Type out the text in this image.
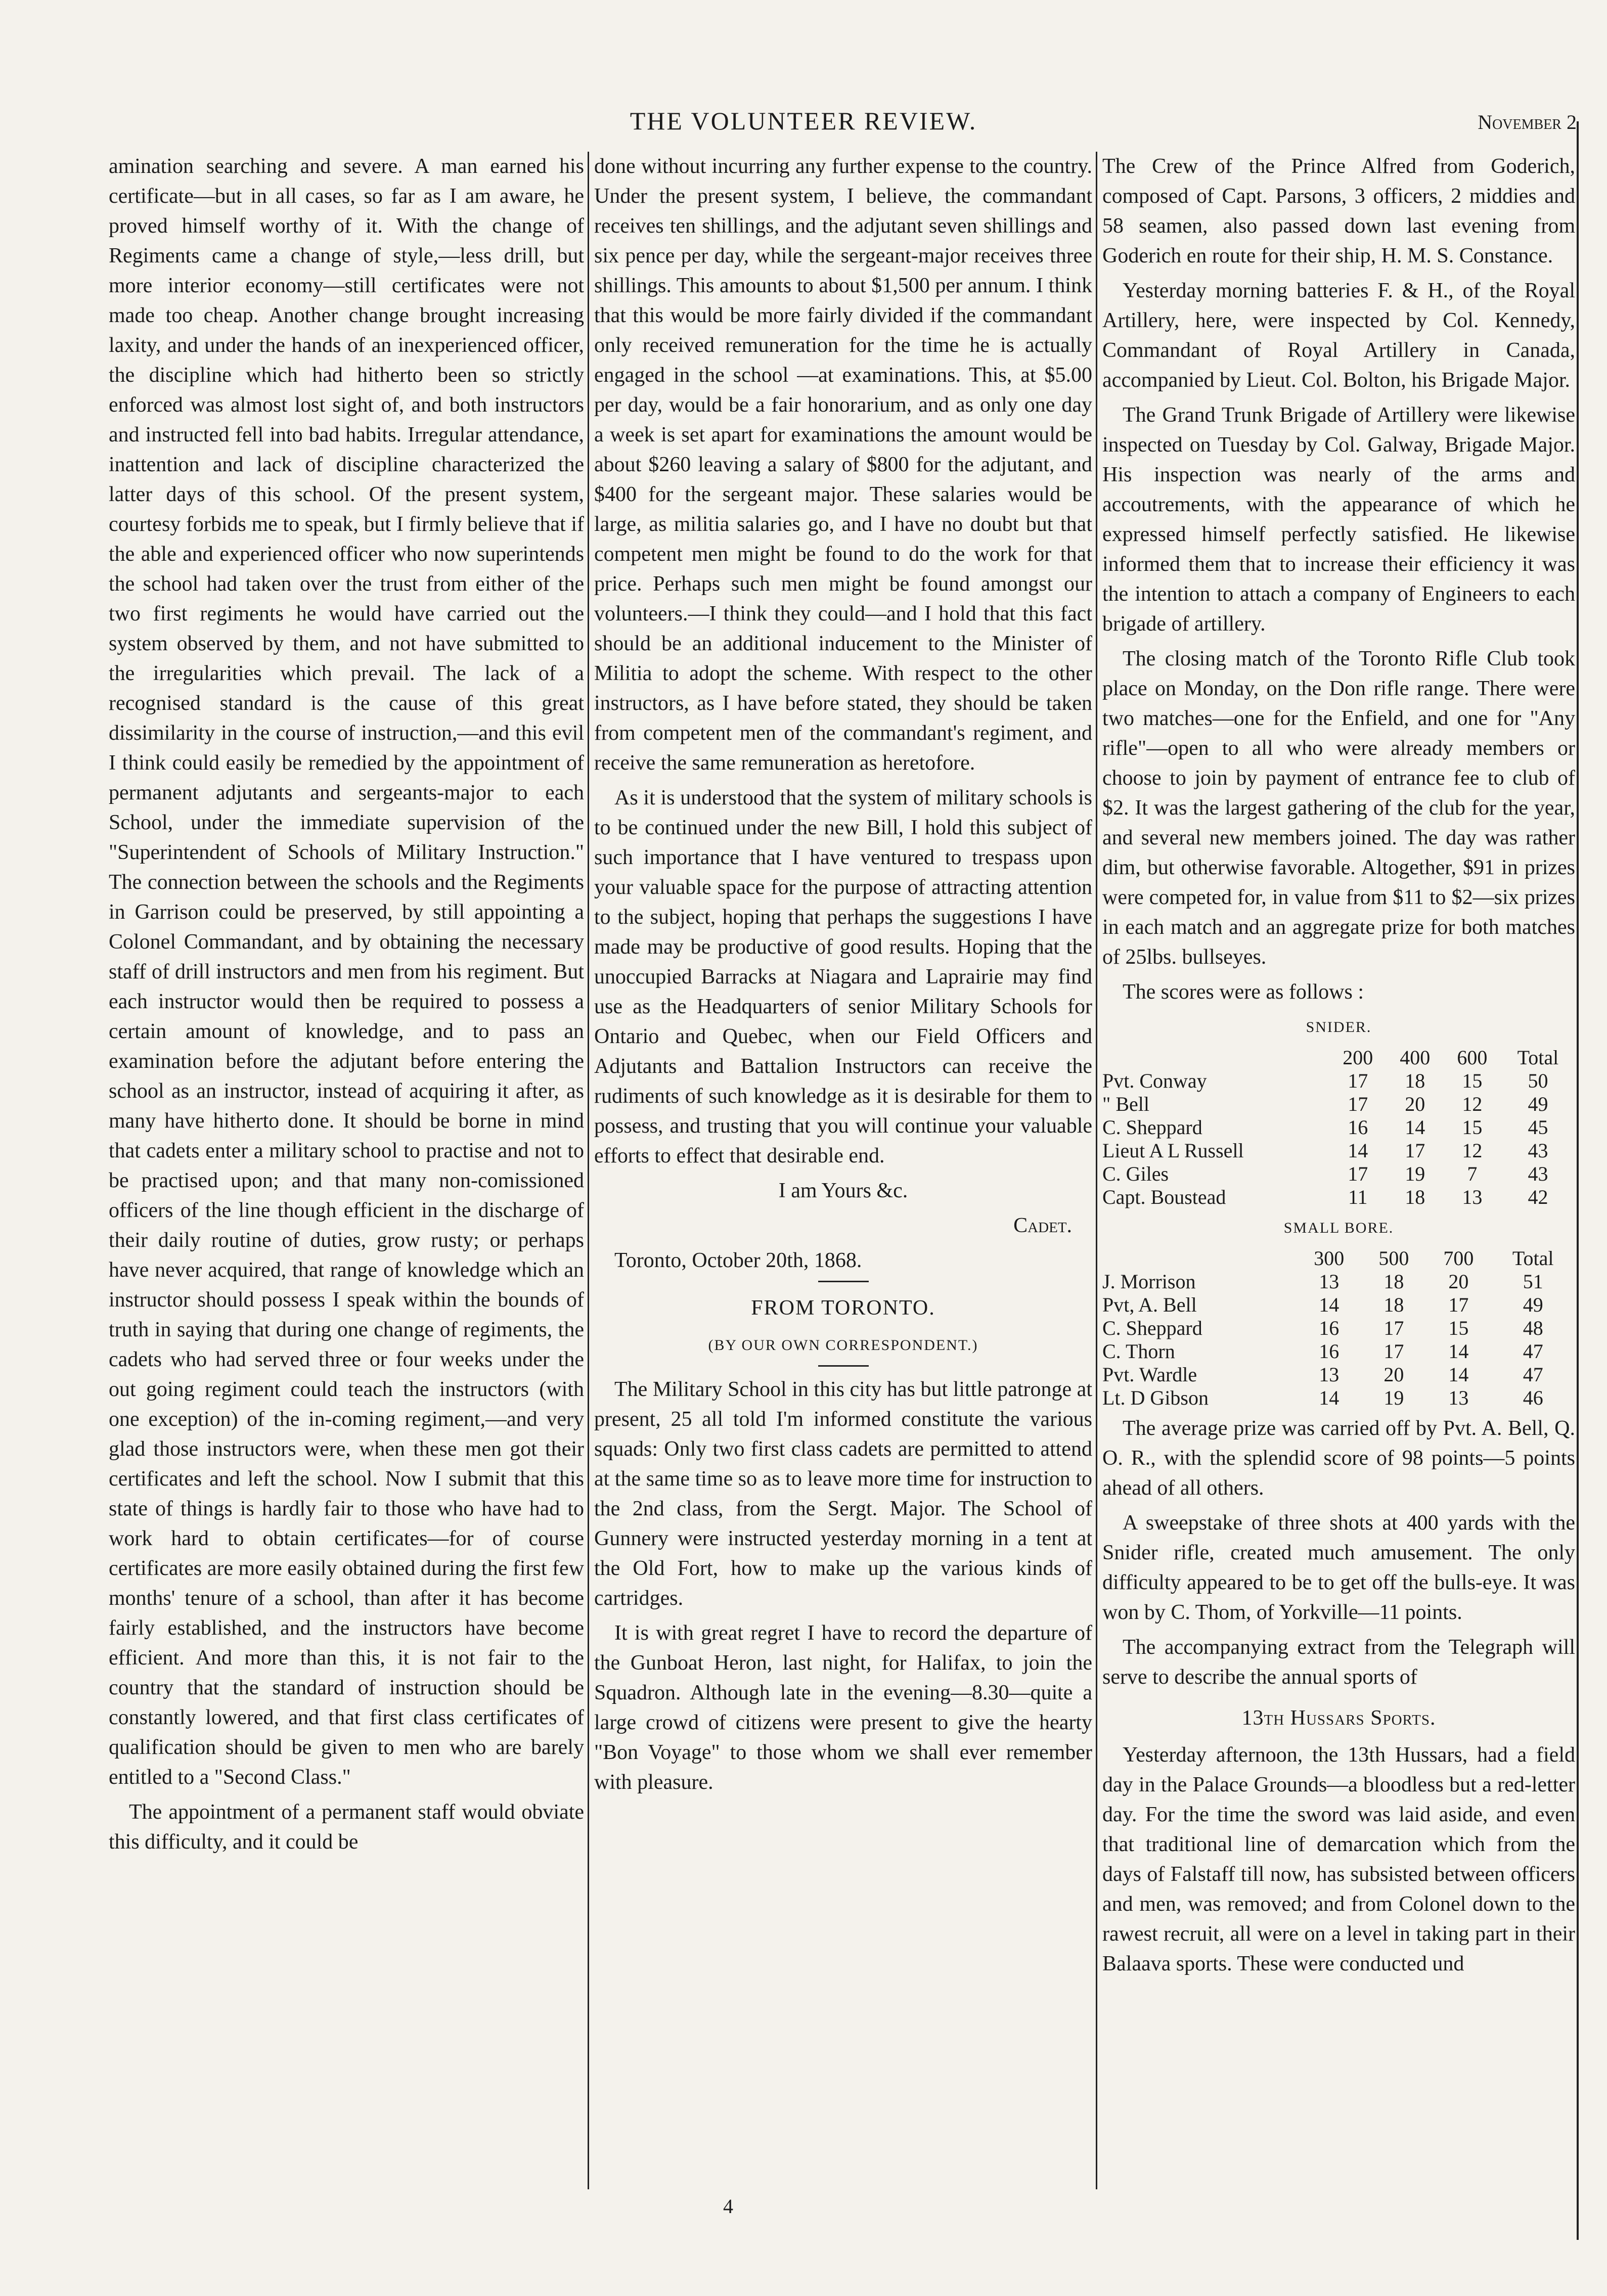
THE VOLUNTEER REVIEW.	November 2

amination searching and severe. A man earned his certificate—but in all cases, so far as I am aware, he proved himself worthy of it. With the change of Regiments came a change of style,—less drill, but more interior economy—still certificates were not made too cheap. Another change brought increasing laxity, and under the hands of an inexperienced officer, the discipline which had hitherto been so strictly enforced was almost lost sight of, and both instructors and instructed fell into bad habits. Irregular attendance, inattention and lack of discipline characterized the latter days of this school. Of the present system, courtesy forbids me to speak, but I firmly believe that if the able and experienced officer who now superintends the school had taken over the trust from either of the two first regiments he would have carried out the system observed by them, and not have submitted to the irregularities which prevail. The lack of a recognised standard is the cause of this great dissimilarity in the course of instruction,—and this evil I think could easily be remedied by the appointment of permanent adjutants and sergeants-major to each School, under the immediate supervision of the "Superintendent of Schools of Military Instruction." The connection between the schools and the Regiments in Garrison could be preserved, by still appointing a Colonel Commandant, and by obtaining the necessary staff of drill instructors and men from his regiment. But each instructor would then be required to possess a certain amount of knowledge, and to pass an examination before the adjutant before entering the school as an instructor, instead of acquiring it after, as many have hitherto done. It should be borne in mind that cadets enter a military school to practise and not to be practised upon; and that many non-comissioned officers of the line though efficient in the discharge of their daily routine of duties, grow rusty; or perhaps have never acquired, that range of knowledge which an instructor should possess I speak within the bounds of truth in saying that during one change of regiments, the cadets who had served three or four weeks under the out going regiment could teach the instructors (with one exception) of the in-coming regiment,—and very glad those instructors were, when these men got their certificates and left the school. Now I submit that this state of things is hardly fair to those who have had to work hard to obtain certificates—for of course certificates are more easily obtained during the first few months' tenure of a school, than after it has become fairly established, and the instructors have become efficient. And more than this, it is not fair to the country that the standard of instruction should be constantly lowered, and that first class certificates of qualification should be given to men who are barely entitled to a "Second Class."

The appointment of a permanent staff would obviate this difficulty, and it could be

done without incurring any further expense to the country. Under the present system, I believe, the commandant receives ten shillings, and the adjutant seven shillings and six pence per day, while the sergeant-major receives three shillings. This amounts to about $1,500 per annum. I think that this would be more fairly divided if the commandant only received remuneration for the time he is actually engaged in the school —at examinations. This, at $5.00 per day, would be a fair honorarium, and as only one day a week is set apart for examinations the amount would be about $260 leaving a salary of $800 for the adjutant, and $400 for the sergeant major. These salaries would be large, as militia salaries go, and I have no doubt but that competent men might be found to do the work for that price. Perhaps such men might be found amongst our volunteers.—I think they could—and I hold that this fact should be an additional inducement to the Minister of Militia to adopt the scheme. With respect to the other instructors, as I have before stated, they should be taken from competent men of the commandant's regiment, and receive the same remuneration as heretofore.

As it is understood that the system of military schools is to be continued under the new Bill, I hold this subject of such importance that I have ventured to trespass upon your valuable space for the purpose of attracting attention to the subject, hoping that perhaps the suggestions I have made may be productive of good results. Hoping that the unoccupied Barracks at Niagara and Laprairie may find use as the Headquarters of senior Military Schools for Ontario and Quebec, when our Field Officers and Adjutants and Battalion Instructors can receive the rudiments of such knowledge as it is desirable for them to possess, and trusting that you will continue your valuable efforts to effect that desirable end.

I am Yours &c.

Cadet.

Toronto, October 20th, 1868.

FROM TORONTO.
(BY OUR OWN CORRESPONDENT.)

The Military School in this city has but little patronge at present, 25 all told I'm informed constitute the various squads: Only two first class cadets are permitted to attend at the same time so as to leave more time for instruction to the 2nd class, from the Sergt. Major. The School of Gunnery were instructed yesterday morning in a tent at the Old Fort, how to make up the various kinds of cartridges.

It is with great regret I have to record the departure of the Gunboat Heron, last night, for Halifax, to join the Squadron. Although late in the evening—8.30—quite a large crowd of citizens were present to give the hearty "Bon Voyage" to those whom we shall ever remember with pleasure.

The Crew of the Prince Alfred from Goderich, composed of Capt. Parsons, 3 officers, 2 middies and 58 seamen, also passed down last evening from Goderich en route for their ship, H. M. S. Constance.

Yesterday morning batteries F. & H., of the Royal Artillery, here, were inspected by Col. Kennedy, Commandant of Royal Artillery in Canada, accompanied by Lieut. Col. Bolton, his Brigade Major.

The Grand Trunk Brigade of Artillery were likewise inspected on Tuesday by Col. Galway, Brigade Major. His inspection was nearly of the arms and accoutrements, with the appearance of which he expressed himself perfectly satisfied. He likewise informed them that to increase their efficiency it was the intention to attach a company of Engineers to each brigade of artillery.

The closing match of the Toronto Rifle Club took place on Monday, on the Don rifle range. There were two matches—one for the Enfield, and one for "Any rifle"—open to all who were already members or choose to join by payment of entrance fee to club of $2. It was the largest gathering of the club for the year, and several new members joined. The day was rather dim, but otherwise favorable. Altogether, $91 in prizes were competed for, in value from $11 to $2—six prizes in each match and an aggregate prize for both matches of 25lbs. bullseyes.

The scores were as follows :

SNIDER.
	200	400	600	Total
Pvt. Conway	17	18	15	50
" Bell	17	20	12	49
C. Sheppard	16	14	15	45
Lieut A L Russell	14	17	12	43
C. Giles	17	19	7	43
Capt. Boustead	11	18	13	42
SMALL BORE.
	300	500	700	Total
J. Morrison	13	18	20	51
Pvt, A. Bell	14	18	17	49
C. Sheppard	16	17	15	48
C. Thorn	16	17	14	47
Pvt. Wardle	13	20	14	47
Lt. D Gibson	14	19	13	46

The average prize was carried off by Pvt. A. Bell, Q. O. R., with the splendid score of 98 points—5 points ahead of all others.

A sweepstake of three shots at 400 yards with the Snider rifle, created much amusement. The only difficulty appeared to be to get off the bulls-eye. It was won by C. Thom, of Yorkville—11 points.

The accompanying extract from the Telegraph will serve to describe the annual sports of

13th Hussars Sports.

Yesterday afternoon, the 13th Hussars, had a field day in the Palace Grounds—a bloodless but a red-letter day. For the time the sword was laid aside, and even that traditional line of demarcation which from the days of Falstaff till now, has subsisted between officers and men, was removed; and from Colonel down to the rawest recruit, all were on a level in taking part in their Balaava sports. These were conducted und

4
